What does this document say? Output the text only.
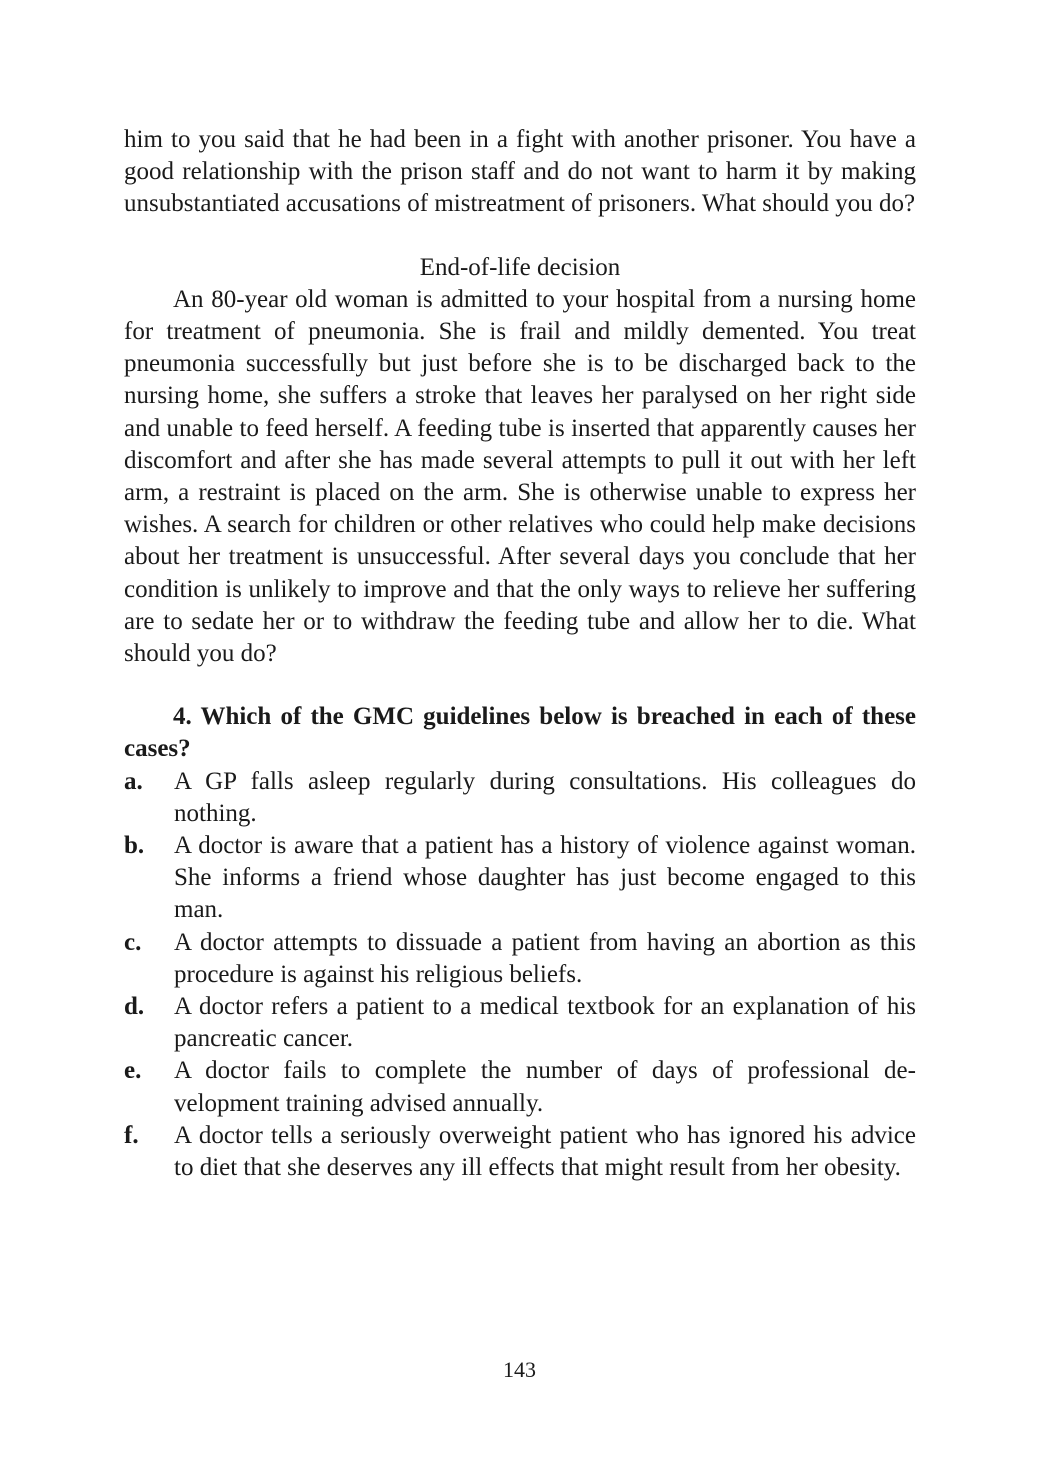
him to you said that he had been in a fight with another prisoner. You have a good relationship with the prison staff and do not want to harm it by making unsubstantiated accusations of mistreatment of prisoners. What should you do?

End-of-life decision

An 80-year old woman is admitted to your hospital from a nursing home for treatment of pneumonia. She is frail and mildly demented. You treat pneumonia successfully but just before she is to be discharged back to the nursing home, she suffers a stroke that leaves her paralysed on her right side and unable to feed herself. A feeding tube is inserted that apparently causes her discomfort and after she has made several attempts to pull it out with her left arm, a restraint is placed on the arm. She is otherwise unable to express her wishes. A search for children or other relatives who could help make decisions about her treatment is unsuccessful. After several days you conclude that her condition is unlikely to improve and that the only ways to relieve her suffering are to sedate her or to withdraw the feeding tube and allow her to die. What should you do?

4. Which of the GMC guidelines below is breached in each of these cases?

a.	A GP falls asleep regularly during consultations. His colleagues do nothing.
b.	A doctor is aware that a patient has a history of violence against woman. She informs a friend whose daughter has just become engaged to this man.
c.	A doctor attempts to dissuade a patient from having an abortion as this procedure is against his religious beliefs.
d.	A doctor refers a patient to a medical textbook for an explanation of his pancreatic cancer.
e.	A doctor fails to complete the number of days of professional development training advised annually.
f.	A doctor tells a seriously overweight patient who has ignored his advice to diet that she deserves any ill effects that might result from her obesity.
143
